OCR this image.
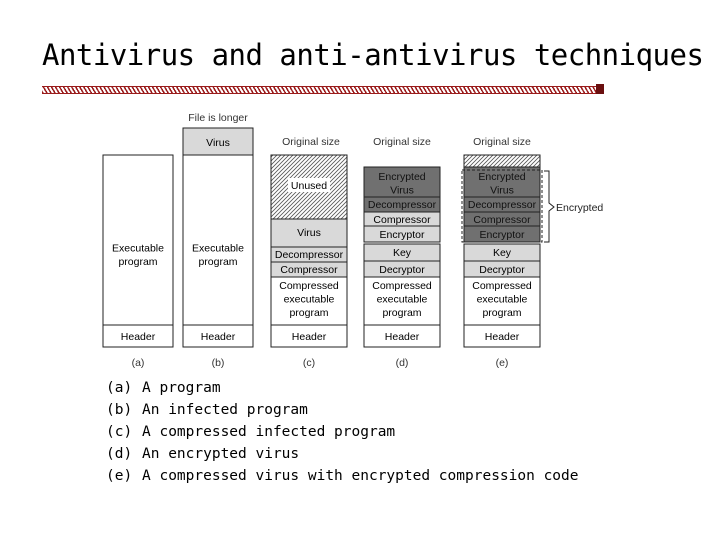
Antivirus and anti-antivirus techniques
File is longer
Original size	Original size	Original size
Executable program
Header
(a)
Virus
Executable program
Header
(b)
Unused
Virus
Decompressor
Compressor
Compressed executable program
Header
(c)
Encrypted Virus
Decompressor
Compressor
Encryptor
Key
Decryptor
Compressed executable program
Header
(d)
Encrypted Virus
Decompressor
Compressor
Encryptor
Key
Decryptor
Compressed executable program
Header
(e)
Encrypted
(a) A program
(b) An infected program
(c) A compressed infected program
(d) An encrypted virus
(e) A compressed virus with encrypted compression code
